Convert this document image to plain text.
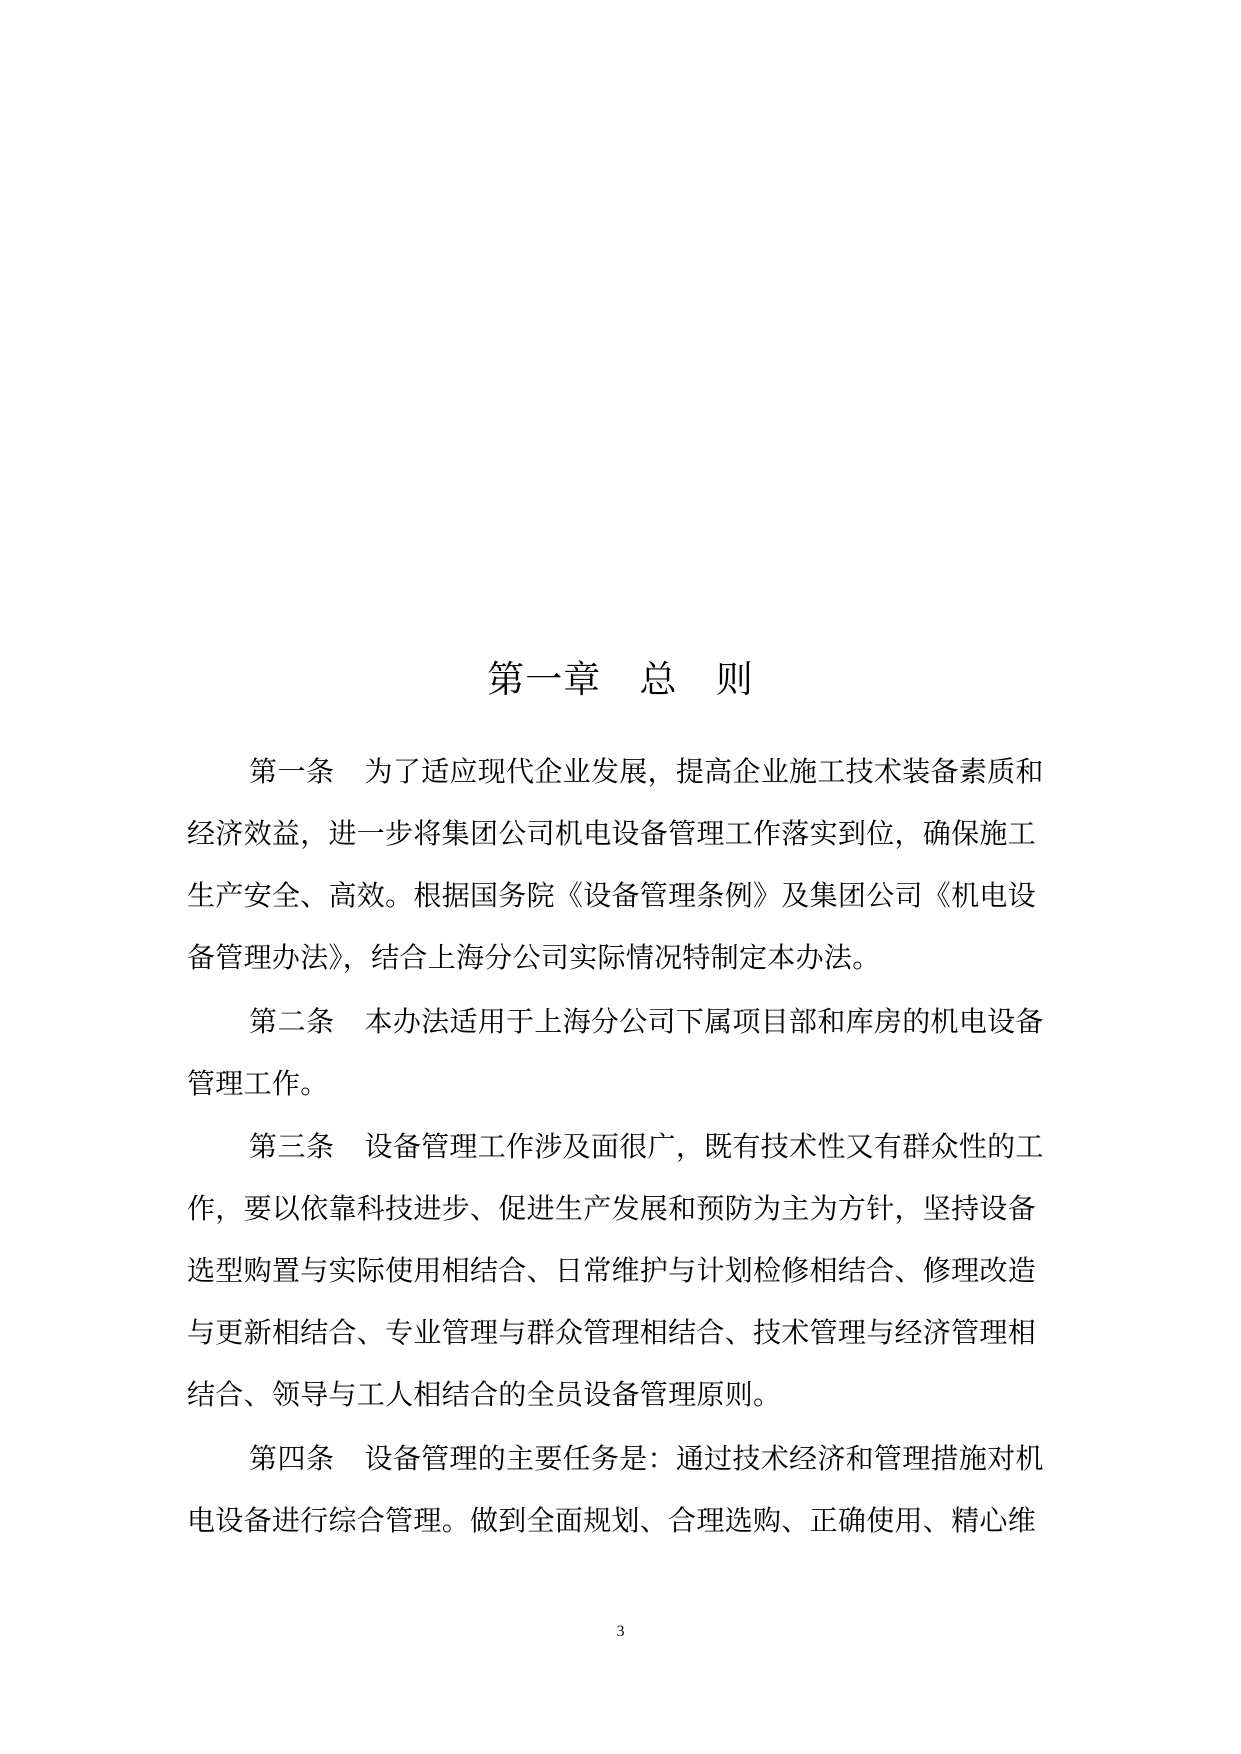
第一章   总   则
第一条 为了适应现代企业发展，提高企业施工技术装备素质和
经济效益，进一步将集团公司机电设备管理工作落实到位，确保施工
生产安全、高效。根据国务院《设备管理条例》及集团公司《机电设
备管理办法》，结合上海分公司实际情况特制定本办法。
第二条 本办法适用于上海分公司下属项目部和库房的机电设备
管理工作。
第三条 设备管理工作涉及面很广，既有技术性又有群众性的工
作，要以依靠科技进步、促进生产发展和预防为主为方针，坚持设备
选型购置与实际使用相结合、日常维护与计划检修相结合、修理改造
与更新相结合、专业管理与群众管理相结合、技术管理与经济管理相
结合、领导与工人相结合的全员设备管理原则。
第四条 设备管理的主要任务是：通过技术经济和管理措施对机
电设备进行综合管理。做到全面规划、合理选购、正确使用、精心维
3
